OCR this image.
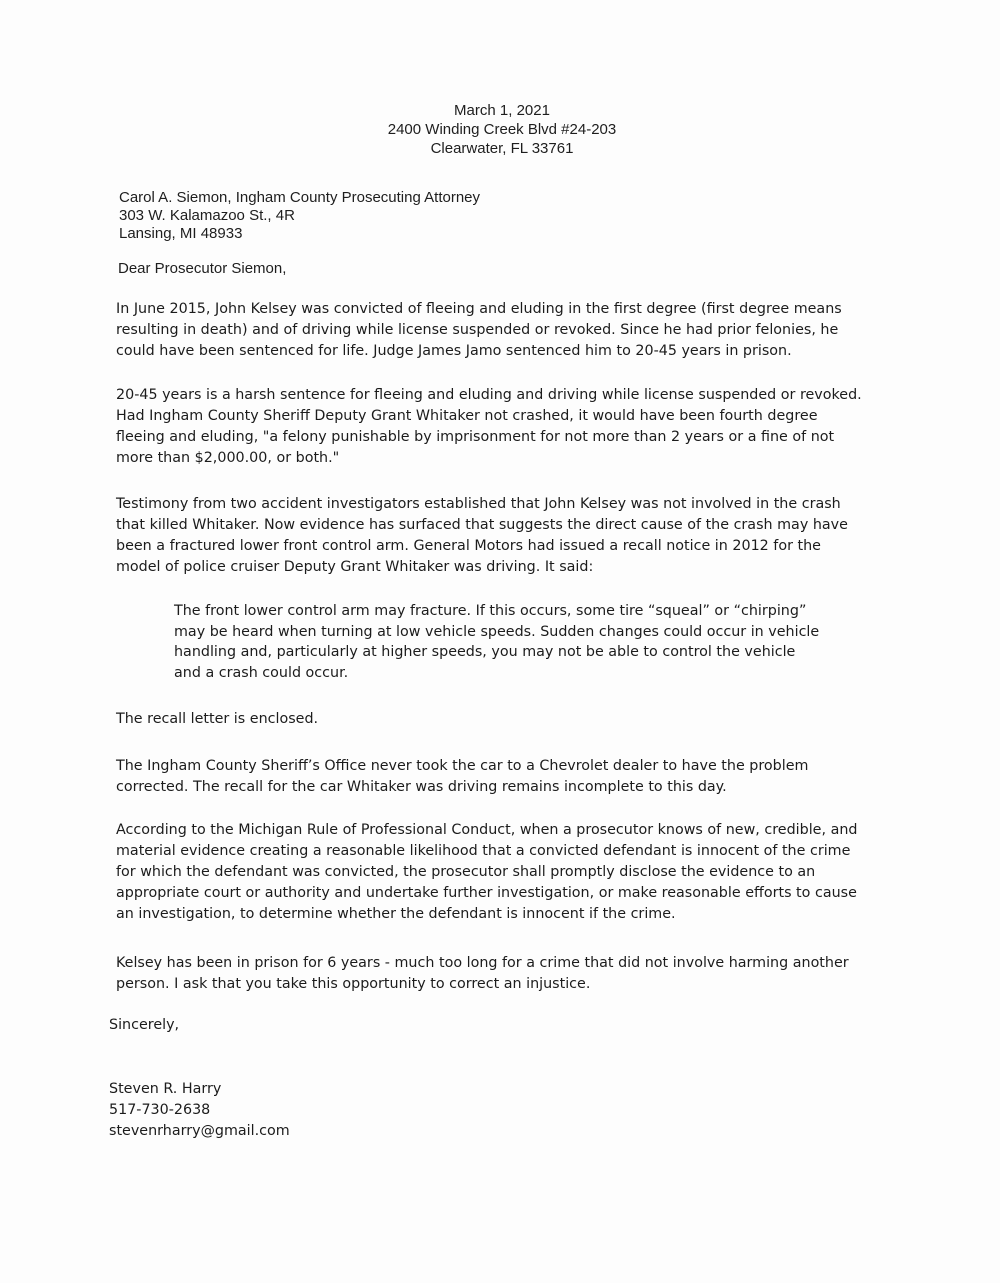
March 1, 2021
2400 Winding Creek Blvd #24-203
Clearwater, FL 33761
Carol A. Siemon, Ingham County Prosecuting Attorney
303 W. Kalamazoo St., 4R
Lansing, MI 48933
Dear Prosecutor Siemon,
In June 2015, John Kelsey was convicted of fleeing and eluding in the first degree (first degree means
resulting in death) and of driving while license suspended or revoked. Since he had prior felonies, he
could have been sentenced for life. Judge James Jamo sentenced him to 20-45 years in prison.
20-45 years is a harsh sentence for fleeing and eluding and driving while license suspended or revoked.
Had Ingham County Sheriff Deputy Grant Whitaker not crashed, it would have been fourth degree
fleeing and eluding, "a felony punishable by imprisonment for not more than 2 years or a fine of not
more than $2,000.00, or both."
Testimony from two accident investigators established that John Kelsey was not involved in the crash
that killed Whitaker. Now evidence has surfaced that suggests the direct cause of the crash may have
been a fractured lower front control arm. General Motors had issued a recall notice in 2012 for the
model of police cruiser Deputy Grant Whitaker was driving. It said:
The front lower control arm may fracture. If this occurs, some tire “squeal” or “chirping”
may be heard when turning at low vehicle speeds. Sudden changes could occur in vehicle
handling and, particularly at higher speeds, you may not be able to control the vehicle
and a crash could occur.
The recall letter is enclosed.
The Ingham County Sheriff’s Office never took the car to a Chevrolet dealer to have the problem
corrected. The recall for the car Whitaker was driving remains incomplete to this day.
According to the Michigan Rule of Professional Conduct, when a prosecutor knows of new, credible, and
material evidence creating a reasonable likelihood that a convicted defendant is innocent of the crime
for which the defendant was convicted, the prosecutor shall promptly disclose the evidence to an
appropriate court or authority and undertake further investigation, or make reasonable efforts to cause
an investigation, to determine whether the defendant is innocent if the crime.
Kelsey has been in prison for 6 years - much too long for a crime that did not involve harming another
person. I ask that you take this opportunity to correct an injustice.
Sincerely,
Steven R. Harry
517-730-2638
stevenrharry@gmail.com
